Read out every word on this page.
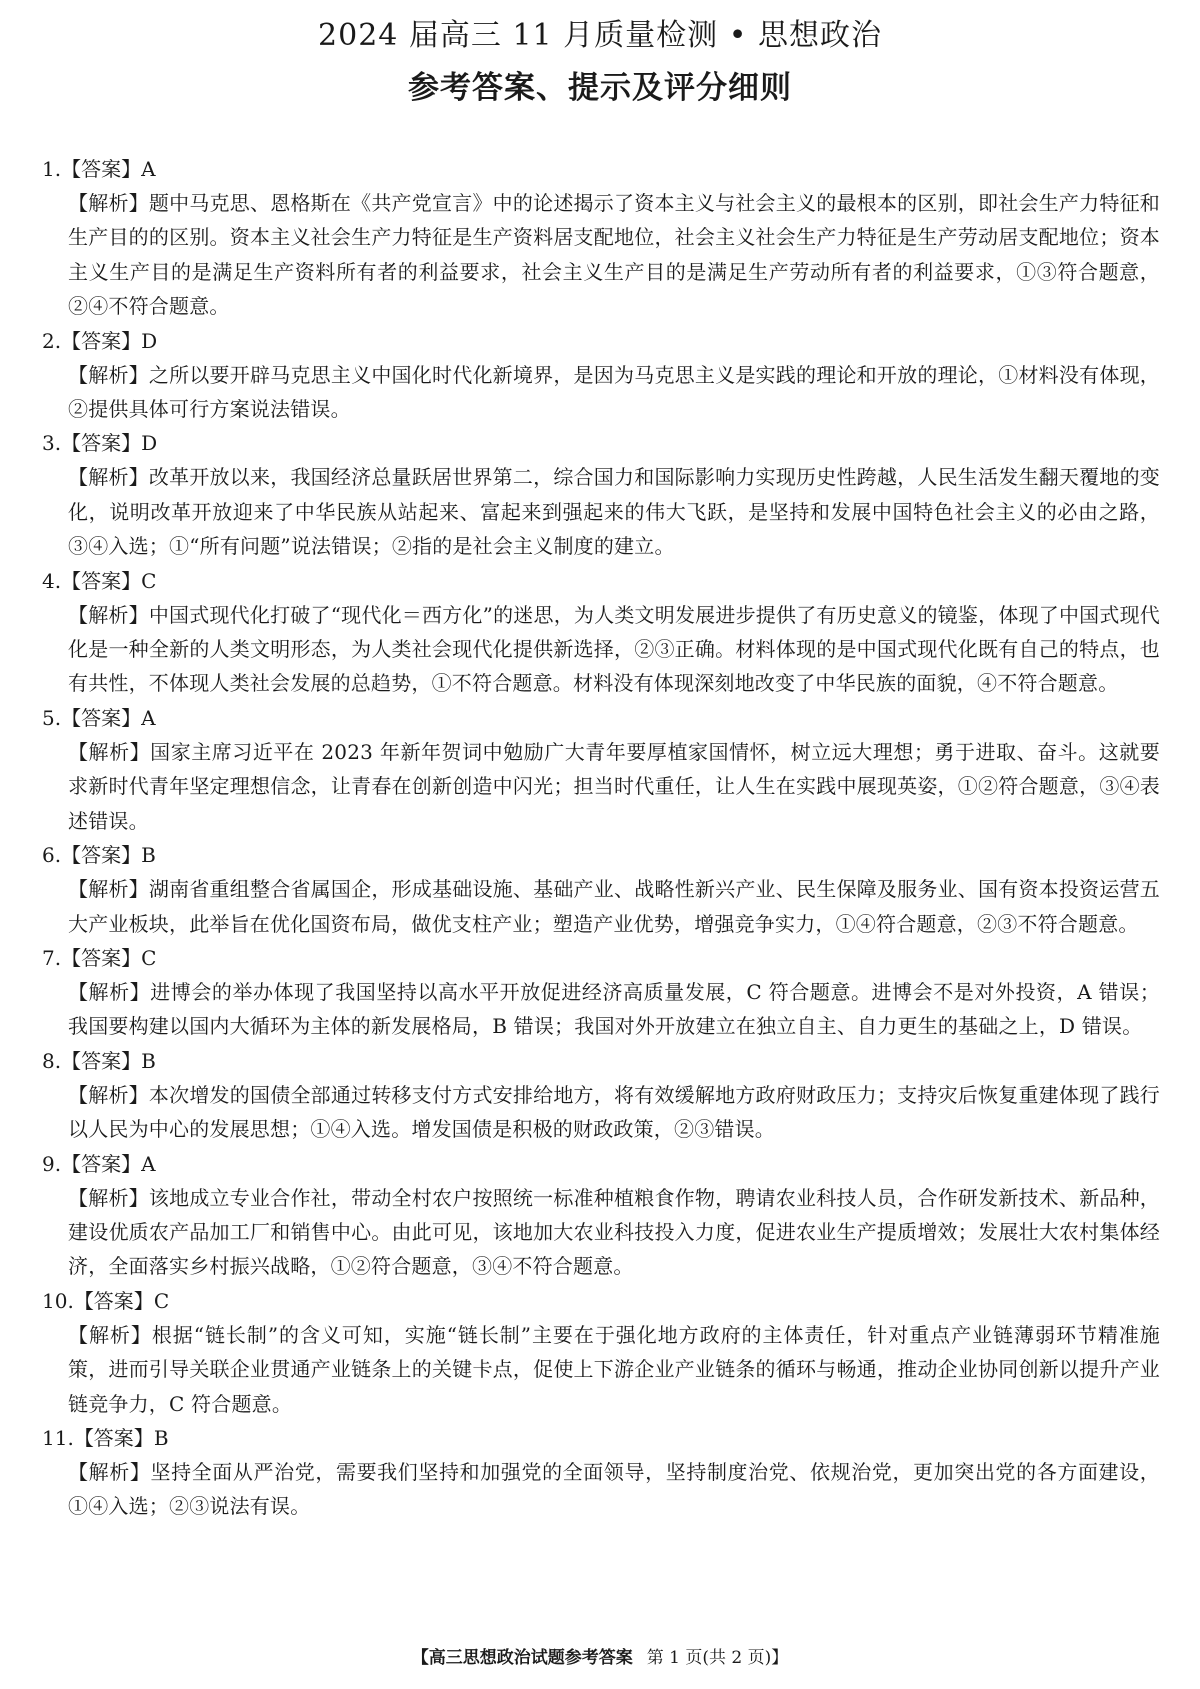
2024 届高三 11 月质量检测 • 思想政治
参考答案、提示及评分细则

1.【答案】A

【解析】题中马克思、恩格斯在《共产党宣言》中的论述揭示了资本主义与社会主义的最根本的区别，即社会生产力特征和生产目的的区别。资本主义社会生产力特征是生产资料居支配地位，社会主义社会生产力特征是生产劳动居支配地位；资本主义生产目的是满足生产资料所有者的利益要求，社会主义生产目的是满足生产劳动所有者的利益要求，①③符合题意，②④不符合题意。

2.【答案】D

【解析】之所以要开辟马克思主义中国化时代化新境界，是因为马克思主义是实践的理论和开放的理论，①材料没有体现，②提供具体可行方案说法错误。

3.【答案】D

【解析】改革开放以来，我国经济总量跃居世界第二，综合国力和国际影响力实现历史性跨越，人民生活发生翻天覆地的变化，说明改革开放迎来了中华民族从站起来、富起来到强起来的伟大飞跃，是坚持和发展中国特色社会主义的必由之路，③④入选；①“所有问题”说法错误；②指的是社会主义制度的建立。

4.【答案】C

【解析】中国式现代化打破了“现代化＝西方化”的迷思，为人类文明发展进步提供了有历史意义的镜鉴，体现了中国式现代化是一种全新的人类文明形态，为人类社会现代化提供新选择，②③正确。材料体现的是中国式现代化既有自己的特点，也有共性，不体现人类社会发展的总趋势，①不符合题意。材料没有体现深刻地改变了中华民族的面貌，④不符合题意。

5.【答案】A

【解析】国家主席习近平在 2023 年新年贺词中勉励广大青年要厚植家国情怀，树立远大理想；勇于进取、奋斗。这就要求新时代青年坚定理想信念，让青春在创新创造中闪光；担当时代重任，让人生在实践中展现英姿，①②符合题意，③④表述错误。

6.【答案】B

【解析】湖南省重组整合省属国企，形成基础设施、基础产业、战略性新兴产业、民生保障及服务业、国有资本投资运营五大产业板块，此举旨在优化国资布局，做优支柱产业；塑造产业优势，增强竞争实力，①④符合题意，②③不符合题意。

7.【答案】C

【解析】进博会的举办体现了我国坚持以高水平开放促进经济高质量发展，C 符合题意。进博会不是对外投资，A 错误；我国要构建以国内大循环为主体的新发展格局，B 错误；我国对外开放建立在独立自主、自力更生的基础之上，D 错误。

8.【答案】B

【解析】本次增发的国债全部通过转移支付方式安排给地方，将有效缓解地方政府财政压力；支持灾后恢复重建体现了践行以人民为中心的发展思想；①④入选。增发国债是积极的财政政策，②③错误。

9.【答案】A

【解析】该地成立专业合作社，带动全村农户按照统一标准种植粮食作物，聘请农业科技人员，合作研发新技术、新品种，建设优质农产品加工厂和销售中心。由此可见，该地加大农业科技投入力度，促进农业生产提质增效；发展壮大农村集体经济，全面落实乡村振兴战略，①②符合题意，③④不符合题意。

10.【答案】C

【解析】根据“链长制”的含义可知，实施“链长制”主要在于强化地方政府的主体责任，针对重点产业链薄弱环节精准施策，进而引导关联企业贯通产业链条上的关键卡点，促使上下游企业产业链条的循环与畅通，推动企业协同创新以提升产业链竞争力，C 符合题意。

11.【答案】B

【解析】坚持全面从严治党，需要我们坚持和加强党的全面领导，坚持制度治党、依规治党，更加突出党的各方面建设，①④入选；②③说法有误。

【高三思想政治试题参考答案 第 1 页(共 2 页)】
